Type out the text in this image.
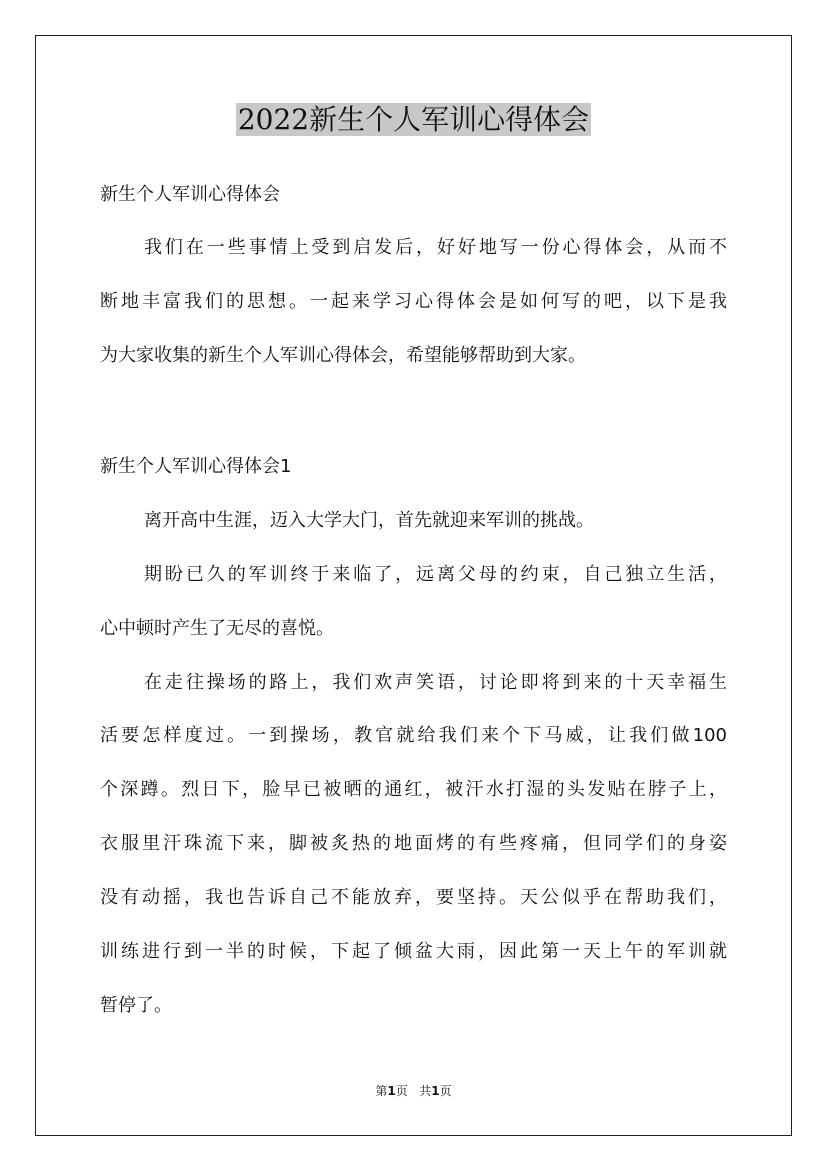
2022新生个人军训心得体会
新生个人军训心得体会
我们在一些事情上受到启发后，好好地写一份心得体会，从而不
断地丰富我们的思想。一起来学习心得体会是如何写的吧，以下是我
为大家收集的新生个人军训心得体会，希望能够帮助到大家。
新生个人军训心得体会1
离开高中生涯，迈入大学大门，首先就迎来军训的挑战。
期盼已久的军训终于来临了，远离父母的约束，自己独立生活，
心中顿时产生了无尽的喜悦。
在走往操场的路上，我们欢声笑语，讨论即将到来的十天幸福生
活要怎样度过。一到操场，教官就给我们来个下马威，让我们做100
个深蹲。烈日下，脸早已被晒的通红，被汗水打湿的头发贴在脖子上，
衣服里汗珠流下来，脚被炙热的地面烤的有些疼痛，但同学们的身姿
没有动摇，我也告诉自己不能放弃，要坚持。天公似乎在帮助我们，
训练进行到一半的时候，下起了倾盆大雨，因此第一天上午的军训就
暂停了。
第1页 共1页
